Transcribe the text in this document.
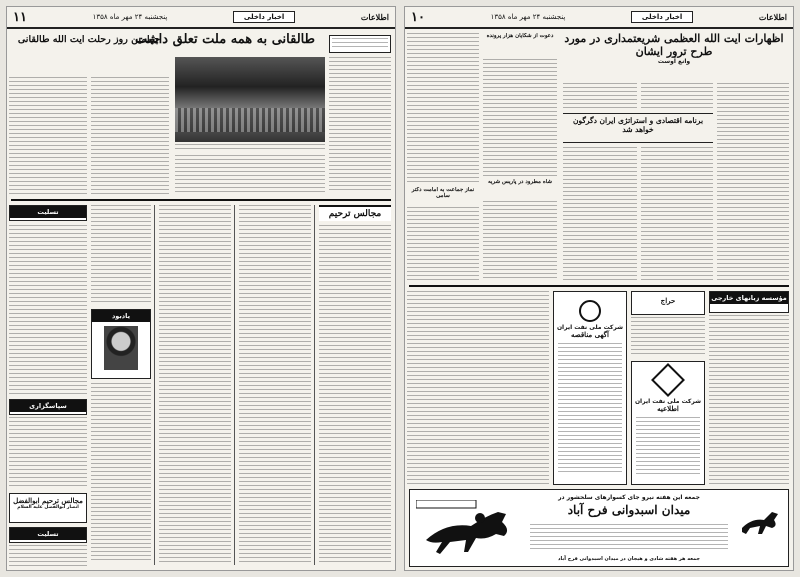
اطلاعات
اخبار داخلی
پنجشنبه ۲۴ مهر ماه ۱۳۵۸
۱۱
طالقانی به همه ملت تعلق داشت
چهلمین روز رحلت آیت الله طالقانی
مجالس ترحیم
یادبود
تسلیت
سپاسگزاری
مجالس ترحیم ابوالفضل
انصار ابوالفضل علیه السلام
تسلیت
اطلاعات
اخبار داخلی
پنجشنبه ۲۴ مهر ماه ۱۳۵۸
۱۰
اظهارات آیت الله العظمی شریعتمداری در مورد طرح ترور ایشان
وانع آوست
برنامه اقتصادی و استراتژی ایران دگرگون خواهد شد
دعوت از شکایان هزار پرونده
شاه مطرود در پاریس شریه
نماز جماعت به امامت دکتر سامی
مؤسسه زبانهای خارجی
حراج
شرکت ملی نفت ایران
اطلاعیه
شرکت ملی نفت ایران
آگهی مناقصه
جمعه این هفته نیرو جای کسوارهای سلحشور در
میدان اسبدوانی فرح آباد
جمعه هر هفته شادی و هیجان در میدان اسبدوانی فرح آباد
